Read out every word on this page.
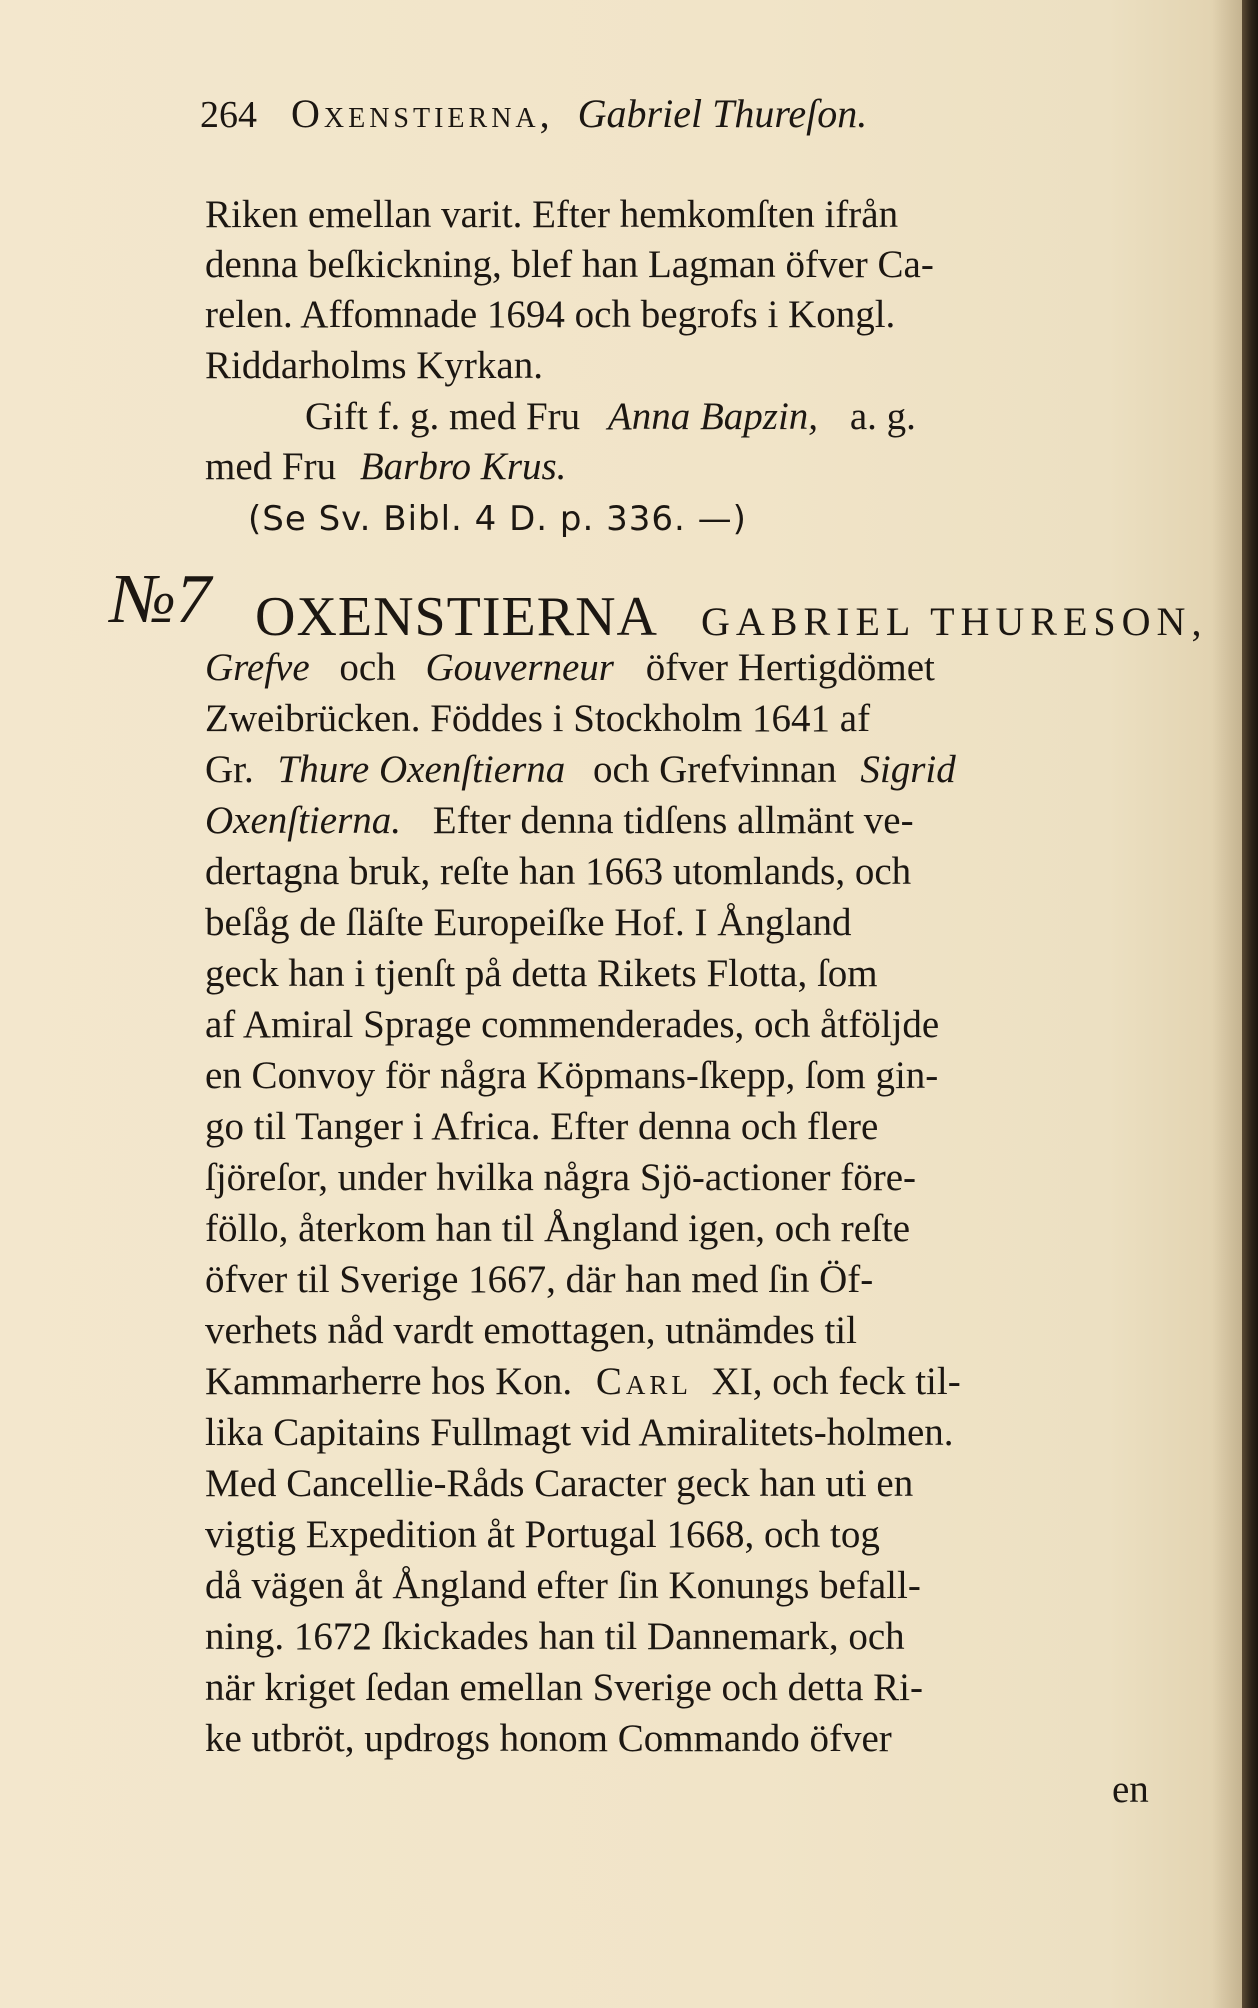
264 Oxenstierna, Gabriel Thureſon.
Riken emellan varit. Efter hemkomſten ifrån
denna beſkickning, blef han Lagman öfver Ca-
relen. Affomnade 1694 och begrofs i Kongl.
Riddarholms Kyrkan.
Gift f. g. med Fru Anna Bapzin, a. g.
med Fru Barbro Krus.
(Se Sv. Bibl. 4 D. p. 336. —)
№7 OXENSTIERNA GABRIEL THURESON,
Grefve och Gouverneur öfver Hertigdömet
Zweibrücken. Föddes i Stockholm 1641 af
Gr. Thure Oxenſtierna och Grefvinnan Sigrid
Oxenſtierna. Efter denna tidſens allmänt ve-
dertagna bruk, reſte han 1663 utomlands, och
beſåg de ſläſte Europeiſke Hof. I Ångland
geck han i tjenſt på detta Rikets Flotta, ſom
af Amiral Sprage commenderades, och åtföljde
en Convoy för några Köpmans-ſkepp, ſom gin-
go til Tanger i Africa. Efter denna och flere
ſjöreſor, under hvilka några Sjö-actioner före-
föllo, återkom han til Ångland igen, och reſte
öfver til Sverige 1667, där han med ſin Öf-
verhets nåd vardt emottagen, utnämdes til
Kammarherre hos Kon. Carl XI, och feck til-
lika Capitains Fullmagt vid Amiralitets-holmen.
Med Cancellie-Råds Caracter geck han uti en
vigtig Expedition åt Portugal 1668, och tog
då vägen åt Ångland efter ſin Konungs befall-
ning. 1672 ſkickades han til Dannemark, och
när kriget ſedan emellan Sverige och detta Ri-
ke utbröt, updrogs honom Commando öfver
en
